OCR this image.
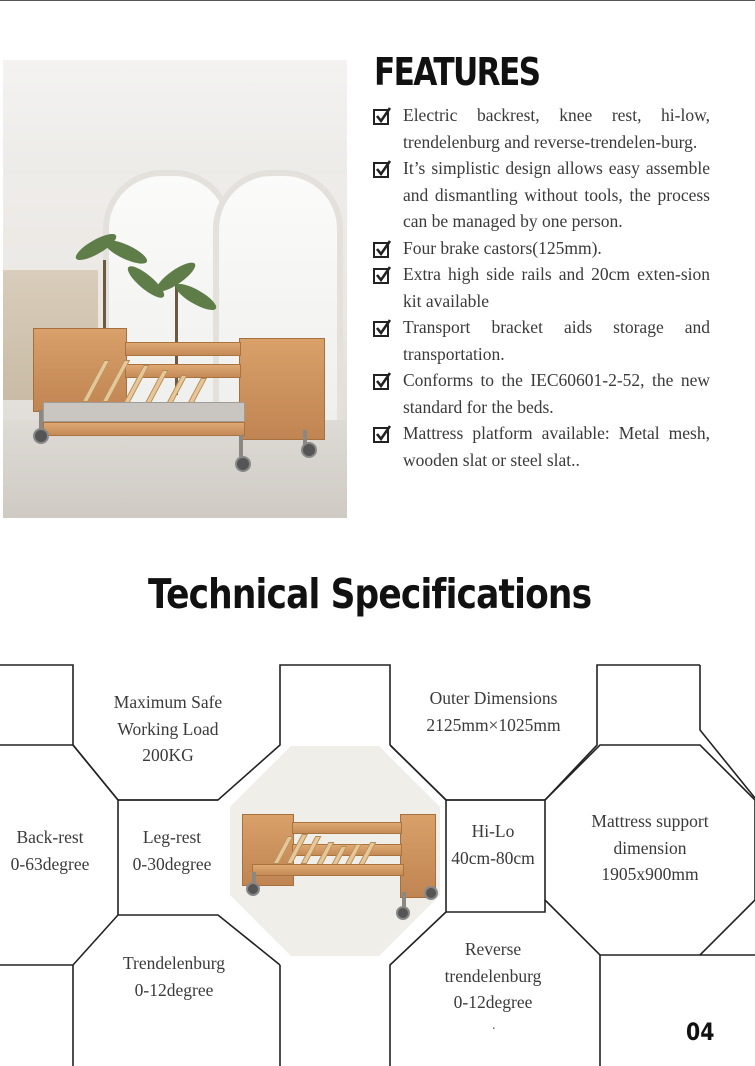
FEATURES
Electric backrest, knee rest, hi-low, trendelenburg and reverse-trendelen-burg.
It’s simplistic design allows easy assemble and dismantling without tools, the process can be managed by one person.
Four brake castors(125mm).
Extra high side rails and 20cm exten-sion kit available
Transport bracket aids storage and transportation.
Conforms to the IEC60601-2-52, the new standard for the beds.
Mattress platform available: Metal mesh, wooden slat or steel slat..
Technical Specifications
Maximum Safe
Working Load
200KG
Outer Dimensions
2125mm×1025mm
Back-rest
0-63degree
Leg-rest
0-30degree
Hi-Lo
40cm-80cm
Mattress support
dimension
1905x900mm
Trendelenburg
0-12degree
Reverse
trendelenburg
0-12degree
.	04
